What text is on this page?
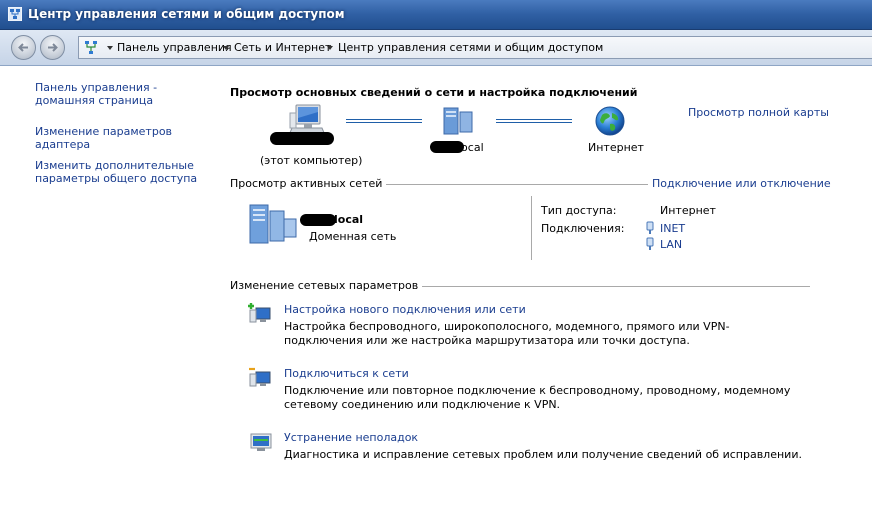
Центр управления сетями и общим доступом
Панель управления Сеть и Интернет Центр управления сетями и общим доступом
Панель управления - домашняя страница
Изменение параметров адаптера
Изменить дополнительные параметры общего доступа
Просмотр основных сведений о сети и настройка подключений
Просмотр полной карты
(этот компьютер)
local	Интернет
Просмотр активных сетей	Подключение или отключение
local
Доменная сеть
Тип доступа:	Интернет
Подключения:	INET
LAN
Изменение сетевых параметров
Настройка нового подключения или сети
Настройка беспроводного, широкополосного, модемного, прямого или VPN-подключения или же настройка маршрутизатора или точки доступа.
Подключиться к сети
Подключение или повторное подключение к беспроводному, проводному, модемному сетевому соединению или подключение к VPN.
Устранение неполадок
Диагностика и исправление сетевых проблем или получение сведений об исправлении.
